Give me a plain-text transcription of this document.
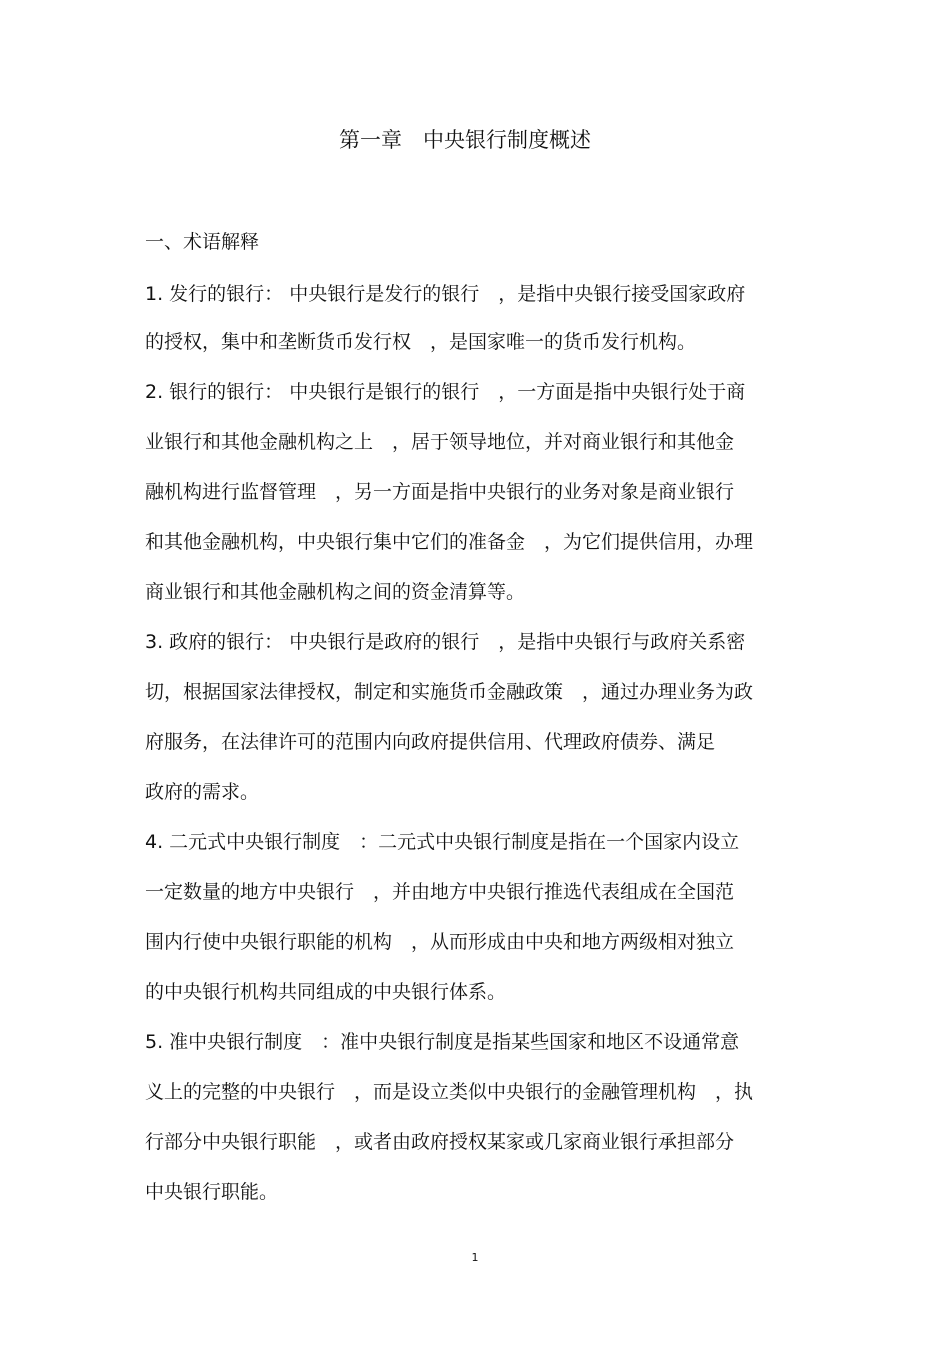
第一章　中央银行制度概述
一、术语解释
1. 发行的银行： 中央银行是发行的银行　，是指中央银行接受国家政府
的授权，集中和垄断货币发行权　，是国家唯一的货币发行机构。
2. 银行的银行： 中央银行是银行的银行　，一方面是指中央银行处于商
业银行和其他金融机构之上　，居于领导地位，并对商业银行和其他金
融机构进行监督管理　，另一方面是指中央银行的业务对象是商业银行
和其他金融机构，中央银行集中它们的准备金　，为它们提供信用，办理
商业银行和其他金融机构之间的资金清算等。
3. 政府的银行： 中央银行是政府的银行　，是指中央银行与政府关系密
切，根据国家法律授权，制定和实施货币金融政策　，通过办理业务为政
府服务，在法律许可的范围内向政府提供信用、代理政府债券、满足
政府的需求。
4. 二元式中央银行制度　：二元式中央银行制度是指在一个国家内设立
一定数量的地方中央银行　，并由地方中央银行推选代表组成在全国范
围内行使中央银行职能的机构　，从而形成由中央和地方两级相对独立
的中央银行机构共同组成的中央银行体系。
5. 准中央银行制度　：准中央银行制度是指某些国家和地区不设通常意
义上的完整的中央银行　，而是设立类似中央银行的金融管理机构　，执
行部分中央银行职能　，或者由政府授权某家或几家商业银行承担部分
中央银行职能。
1
